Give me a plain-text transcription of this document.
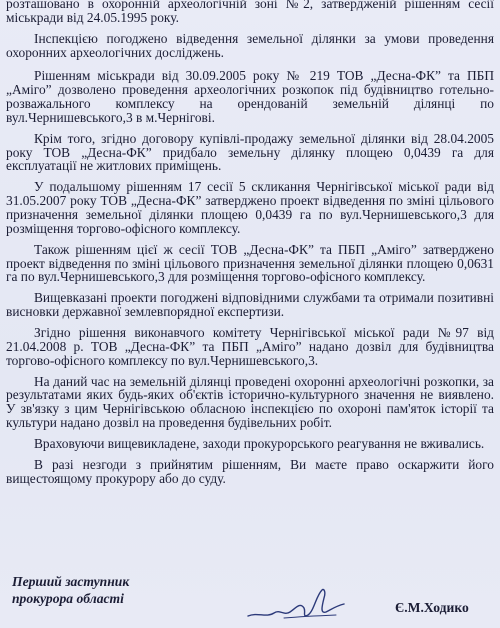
розташовано в охоронній археологічній зоні №2, затвердженій рішенням сесії міськради від 24.05.1995 року.

Інспекцією погоджено відведення земельної ділянки за умови проведення охоронних археологічних досліджень.

Рішенням міськради від 30.09.2005 року № 219 ТОВ „Десна-ФК” та ПБП „Аміго” дозволено проведення археологічних розкопок під будівництво готельно-розважального комплексу на орендованій земельній ділянці по вул.Чернишевського,3 в м.Чернігові.

Крім того, згідно договору купівлі-продажу земельної ділянки від 28.04.2005 року ТОВ „Десна-ФК” придбало земельну ділянку площею 0,0439 га для експлуатації не житлових приміщень.

У подальшому рішенням 17 сесії 5 скликання Чернігівської міської ради від 31.05.2007 року ТОВ „Десна-ФК” затверджено проект відведення по зміні цільового призначення земельної ділянки площею 0,0439 га по вул.Чернишевського,3 для розміщення торгово-офісного комплексу.

Також рішенням цієї ж сесії ТОВ „Десна-ФК” та ПБП „Аміго” затверджено проект відведення по зміні цільового призначення земельної ділянки площею 0,0631 га по вул.Чернишевського,3 для розміщення торгово-офісного комплексу.

Вищевказані проекти погоджені відповідними службами та отримали позитивні висновки державної землевпорядної експертизи.

Згідно рішення виконавчого комітету Чернігівської міської ради №97 від 21.04.2008 р. ТОВ „Десна-ФК” та ПБП „Аміго” надано дозвіл для будівництва торгово-офісного комплексу по вул.Чернишевського,3.

На даний час на земельній ділянці проведені охоронні археологічні розкопки, за результатами яких будь-яких об'єктів історично-культурного значення не виявлено. У зв'язку з цим Чернігівською обласною інспекцією по охороні пам'яток історії та культури надано дозвіл на проведення будівельних робіт.

Враховуючи вищевикладене, заходи прокурорського реагування не вживались.

В разі незгоди з прийнятим рішенням, Ви маєте право оскаржити його вищестоящому прокурору або до суду.

Перший заступник
прокурора області
Є.М.Ходико
